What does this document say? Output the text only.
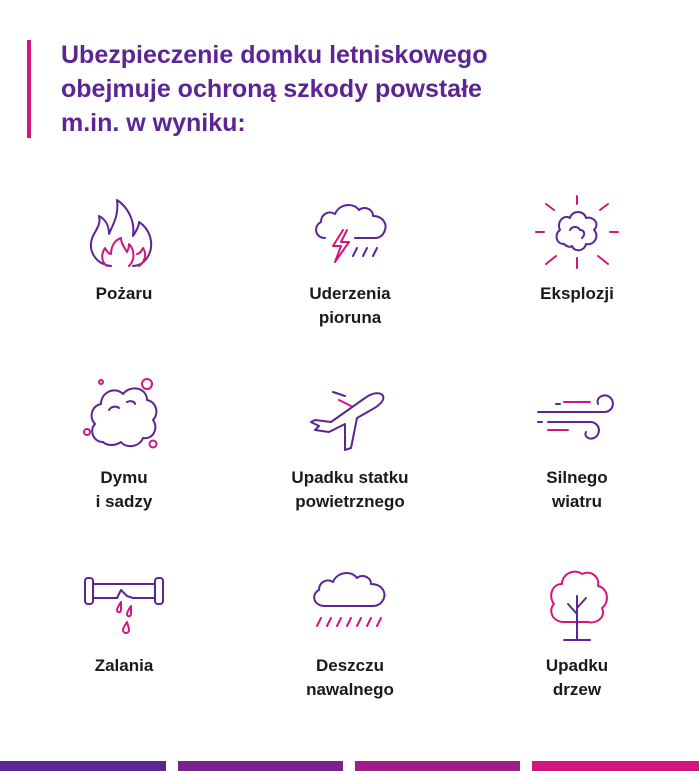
Ubezpieczenie domku letniskowego
obejmuje ochroną szkody powstałe
m.in. w wyniku:
Pożaru	Uderzenia
pioruna
Eksplozji
Dymu
i sadzy
Upadku statku
powietrznego
Silnego
wiatru
Zalania	Deszczu
nawalnego
Upadku
drzew
